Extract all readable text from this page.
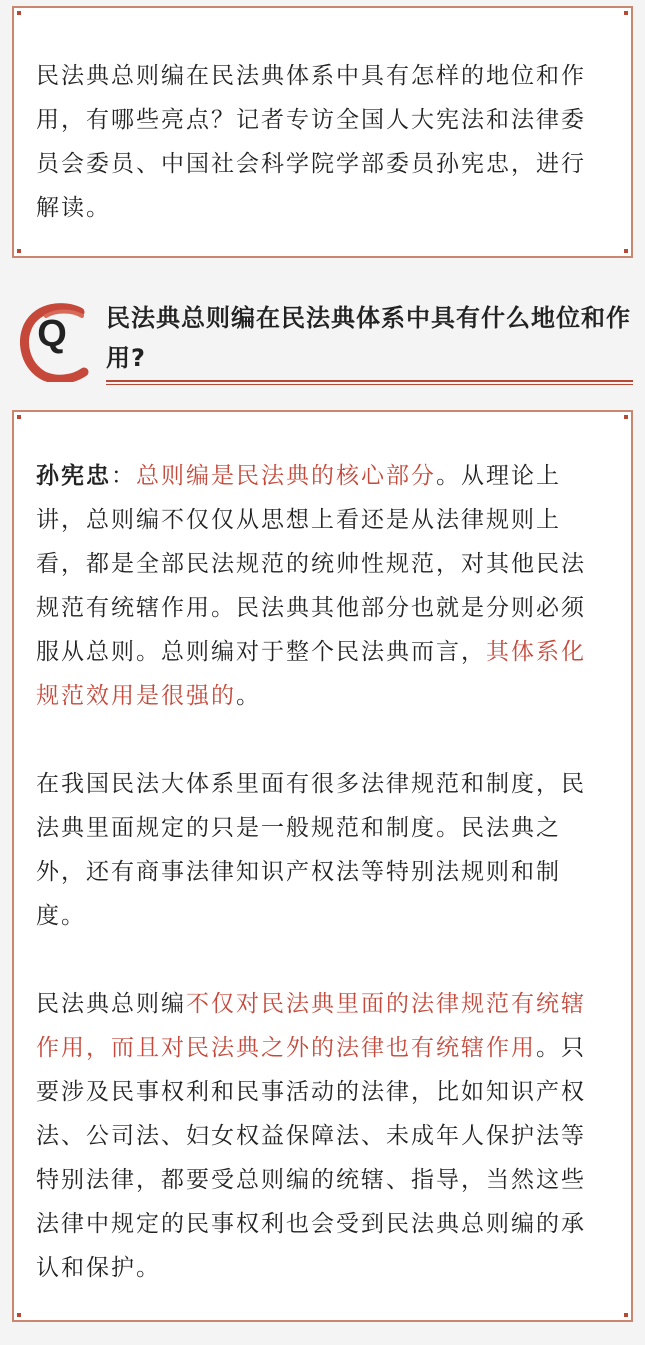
民法典总则编在民法典体系中具有怎样的地位和作用，有哪些亮点？记者专访全国人大宪法和法律委员会委员、中国社会科学院学部委员孙宪忠，进行解读。

Q	民法典总则编在民法典体系中具有什么地位和作用?

孙宪忠：总则编是民法典的核心部分。从理论上讲，总则编不仅仅从思想上看还是从法律规则上看，都是全部民法规范的统帅性规范，对其他民法规范有统辖作用。民法典其他部分也就是分则必须服从总则。总则编对于整个民法典而言，其体系化规范效用是很强的。

在我国民法大体系里面有很多法律规范和制度，民法典里面规定的只是一般规范和制度。民法典之外，还有商事法律知识产权法等特别法规则和制度。

民法典总则编不仅对民法典里面的法律规范有统辖作用，而且对民法典之外的法律也有统辖作用。只要涉及民事权利和民事活动的法律，比如知识产权法、公司法、妇女权益保障法、未成年人保护法等特别法律，都要受总则编的统辖、指导，当然这些法律中规定的民事权利也会受到民法典总则编的承认和保护。
